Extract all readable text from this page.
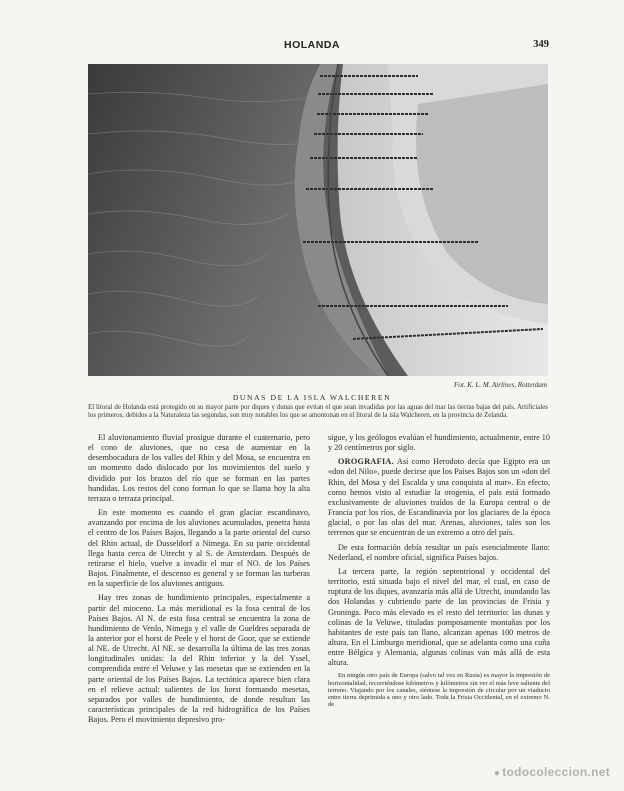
HOLANDA	349
Fot. K. L. M. Airlines, Rotterdam
DUNAS DE LA ISLA WALCHEREN
El litoral de Holanda está protegido en su mayor parte por diques y dunas que evitan el que sean invadidas por las aguas del mar las tierras bajas del país. Artificiales los primeros, debidos a la Naturaleza las segundas, son muy notables los que se amontonan en el litoral de la isla Walcheren, en la provincia de Zelanda.

El aluvionamiento fluvial prosigue durante el cuaternario, pero el cono de aluviones, que no cesa de aumentar en la desembocadura de los valles del Rhin y del Mosa, se encuentra en un momento dado dislocado por los movimientos del suelo y dividido por los brazos del río que se forman en las partes hundidas. Los restos del cono forman lo que se llama hoy la alta terraza o terraza principal.

En este momento es cuando el gran glaciar escandinavo, avanzando por encima de los aluviones acumulados, penetra hasta el centro de los Países Bajos, llegando a la parte oriental del curso del Rhin actual, de Dusseldorf a Nimega. En su parte occidental llega hasta cerca de Utrecht y al S. de Amsterdam. Después de retirarse el hielo, vuelve a invadir el mar el NO. de los Países Bajos. Finalmente, el descenso es general y se forman las turberas en la superficie de los aluviones antiguos.

Hay tres zonas de hundimiento principales, especialmente a partir del mioceno. La más meridional es la fosa central de los Países Bajos. Al N. de esta fosa central se encuentra la zona de hundimiento de Venlo, Nimega y el valle de Gueldres separada de la anterior por el horst de Peele y el horst de Goor, que se extiende al NE. de Utrecht. Al NE. se desarrolla la última de las tres zonas longitudinales unidas: la del Rhin inferior y la del Yssel, comprendida entre el Veluwe y las mesetas que se extienden en la parte oriental de los Países Bajos. La tectónica aparece bien clara en el relieve actual: salientes de los horst formando mesetas, separados por valles de hundimiento, de donde resultan las características principales de la red hidrográfica de los Países Bajos. Pero el movimiento depresivo pro-

sigue, y los geólogos evalúan el hundimiento, actualmente, entre 10 y 20 centímetros por siglo.

OROGRAFIA. Así como Herodoto decía que Egipto era un «don del Nilo», puede decirse que los Países Bajos son un «don del Rhin, del Mosa y del Escalda y una conquista al mar». En efecto, como hemos visto al estudiar la orogenia, el país está formado exclusivamente de aluviones traídos de la Europa central o de Francia por los ríos, de Escandinavia por los glaciares de la época glacial, o por las olas del mar. Arenas, aluviones, tales son los terrenos que se encuentran de un extremo a otro del país.

De esta formación debía resultar un país esencialmente llano: Nederland, el nombre oficial, significa Países bajos.

La tercera parte, la región septentrional y occidental del territorio, está situada bajo el nivel del mar, el cual, en caso de ruptura de los diques, avanzaría más allá de Utrecht, inundando las dos Holandas y cubriendo parte de las provincias de Frisia y Groninga. Poco más elevado es el resto del territorio: las dunas y colinas de la Veluwe, tituladas pomposamente montañas por los habitantes de este país tan llano, alcanzan apenas 100 metros de altura. En el Limburgo meridional, que se adelanta como una cuña entre Bélgica y Alemania, algunas colinas van más allá de esta altura.

En ningún otro país de Europa (salvo tal vez en Rusia) es mayor la impresión de horizontalidad, recorriéndose kilómetros y kilómetros sin ver el más leve saliente del terreno. Viajando por los canales, siéntese la impresión de circular por un viaducto entre tierra deprimida a uno y otro lado. Toda la Frisia Occidental, en el extremo N. de
● todocoleccion.net
